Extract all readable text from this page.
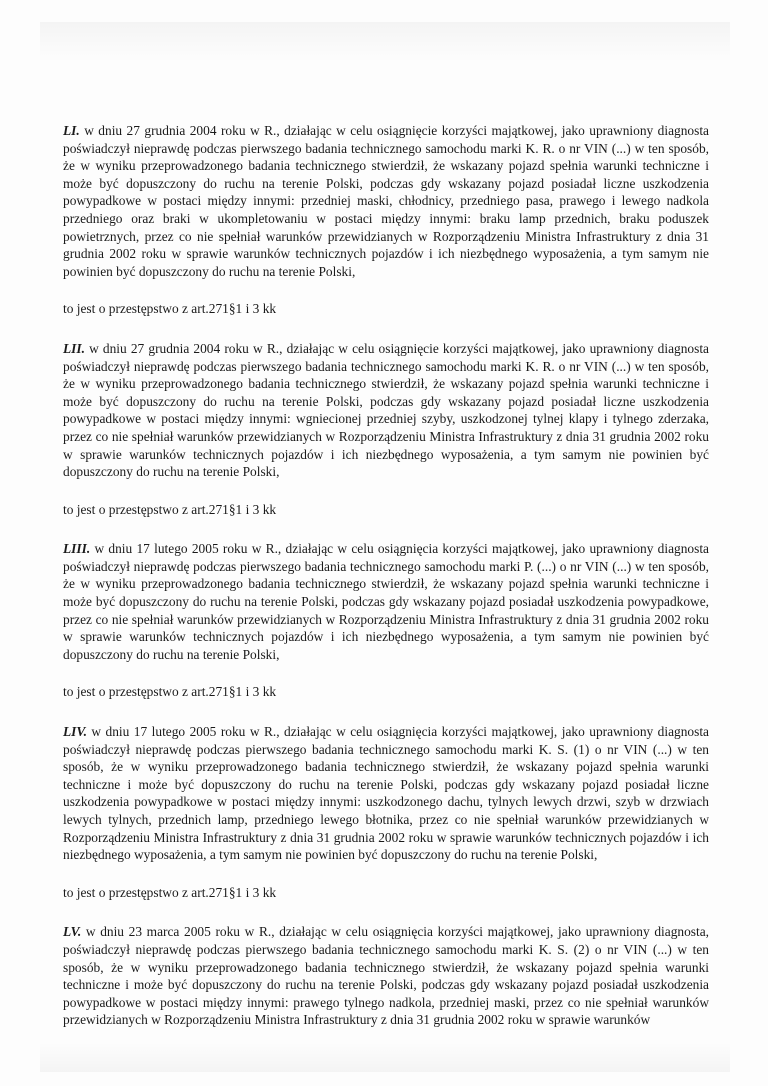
LI. w dniu 27 grudnia 2004 roku w R., działając w celu osiągnięcie korzyści majątkowej, jako uprawniony diagnosta poświadczył nieprawdę podczas pierwszego badania technicznego samochodu marki K. R. o nr VIN (...) w ten sposób, że w wyniku przeprowadzonego badania technicznego stwierdził, że wskazany pojazd spełnia warunki techniczne i może być dopuszczony do ruchu na terenie Polski, podczas gdy wskazany pojazd posiadał liczne uszkodzenia powypadkowe w postaci między innymi: przedniej maski, chłodnicy, przedniego pasa, prawego i lewego nadkola przedniego oraz braki w ukompletowaniu w postaci między innymi: braku lamp przednich, braku poduszek powietrznych, przez co nie spełniał warunków przewidzianych w Rozporządzeniu Ministra Infrastruktury z dnia 31 grudnia 2002 roku w sprawie warunków technicznych pojazdów i ich niezbędnego wyposażenia, a tym samym nie powinien być dopuszczony do ruchu na terenie Polski,

to jest o przestępstwo z art.271§1 i 3 kk

LII. w dniu 27 grudnia 2004 roku w R., działając w celu osiągnięcie korzyści majątkowej, jako uprawniony diagnosta poświadczył nieprawdę podczas pierwszego badania technicznego samochodu marki K. R. o nr VIN (...) w ten sposób, że w wyniku przeprowadzonego badania technicznego stwierdził, że wskazany pojazd spełnia warunki techniczne i może być dopuszczony do ruchu na terenie Polski, podczas gdy wskazany pojazd posiadał liczne uszkodzenia powypadkowe w postaci między innymi: wgniecionej przedniej szyby, uszkodzonej tylnej klapy i tylnego zderzaka, przez co nie spełniał warunków przewidzianych w Rozporządzeniu Ministra Infrastruktury z dnia 31 grudnia 2002 roku w sprawie warunków technicznych pojazdów i ich niezbędnego wyposażenia, a tym samym nie powinien być dopuszczony do ruchu na terenie Polski,

to jest o przestępstwo z art.271§1 i 3 kk

LIII. w dniu 17 lutego 2005 roku w R., działając w celu osiągnięcia korzyści majątkowej, jako uprawniony diagnosta poświadczył nieprawdę podczas pierwszego badania technicznego samochodu marki P. (...) o nr VIN (...) w ten sposób, że w wyniku przeprowadzonego badania technicznego stwierdził, że wskazany pojazd spełnia warunki techniczne i może być dopuszczony do ruchu na terenie Polski, podczas gdy wskazany pojazd posiadał uszkodzenia powypadkowe, przez co nie spełniał warunków przewidzianych w Rozporządzeniu Ministra Infrastruktury z dnia 31 grudnia 2002 roku w sprawie warunków technicznych pojazdów i ich niezbędnego wyposażenia, a tym samym nie powinien być dopuszczony do ruchu na terenie Polski,

to jest o przestępstwo z art.271§1 i 3 kk

LIV. w dniu 17 lutego 2005 roku w R., działając w celu osiągnięcia korzyści majątkowej, jako uprawniony diagnosta poświadczył nieprawdę podczas pierwszego badania technicznego samochodu marki K. S. (1) o nr VIN (...) w ten sposób, że w wyniku przeprowadzonego badania technicznego stwierdził, że wskazany pojazd spełnia warunki techniczne i może być dopuszczony do ruchu na terenie Polski, podczas gdy wskazany pojazd posiadał liczne uszkodzenia powypadkowe w postaci między innymi: uszkodzonego dachu, tylnych lewych drzwi, szyb w drzwiach lewych tylnych, przednich lamp, przedniego lewego błotnika, przez co nie spełniał warunków przewidzianych w Rozporządzeniu Ministra Infrastruktury z dnia 31 grudnia 2002 roku w sprawie warunków technicznych pojazdów i ich niezbędnego wyposażenia, a tym samym nie powinien być dopuszczony do ruchu na terenie Polski,

to jest o przestępstwo z art.271§1 i 3 kk

LV. w dniu 23 marca 2005 roku w R., działając w celu osiągnięcia korzyści majątkowej, jako uprawniony diagnosta, poświadczył nieprawdę podczas pierwszego badania technicznego samochodu marki K. S. (2) o nr VIN (...) w ten sposób, że w wyniku przeprowadzonego badania technicznego stwierdził, że wskazany pojazd spełnia warunki techniczne i może być dopuszczony do ruchu na terenie Polski, podczas gdy wskazany pojazd posiadał uszkodzenia powypadkowe w postaci między innymi: prawego tylnego nadkola, przedniej maski, przez co nie spełniał warunków przewidzianych w Rozporządzeniu Ministra Infrastruktury z dnia 31 grudnia 2002 roku w sprawie warunków
